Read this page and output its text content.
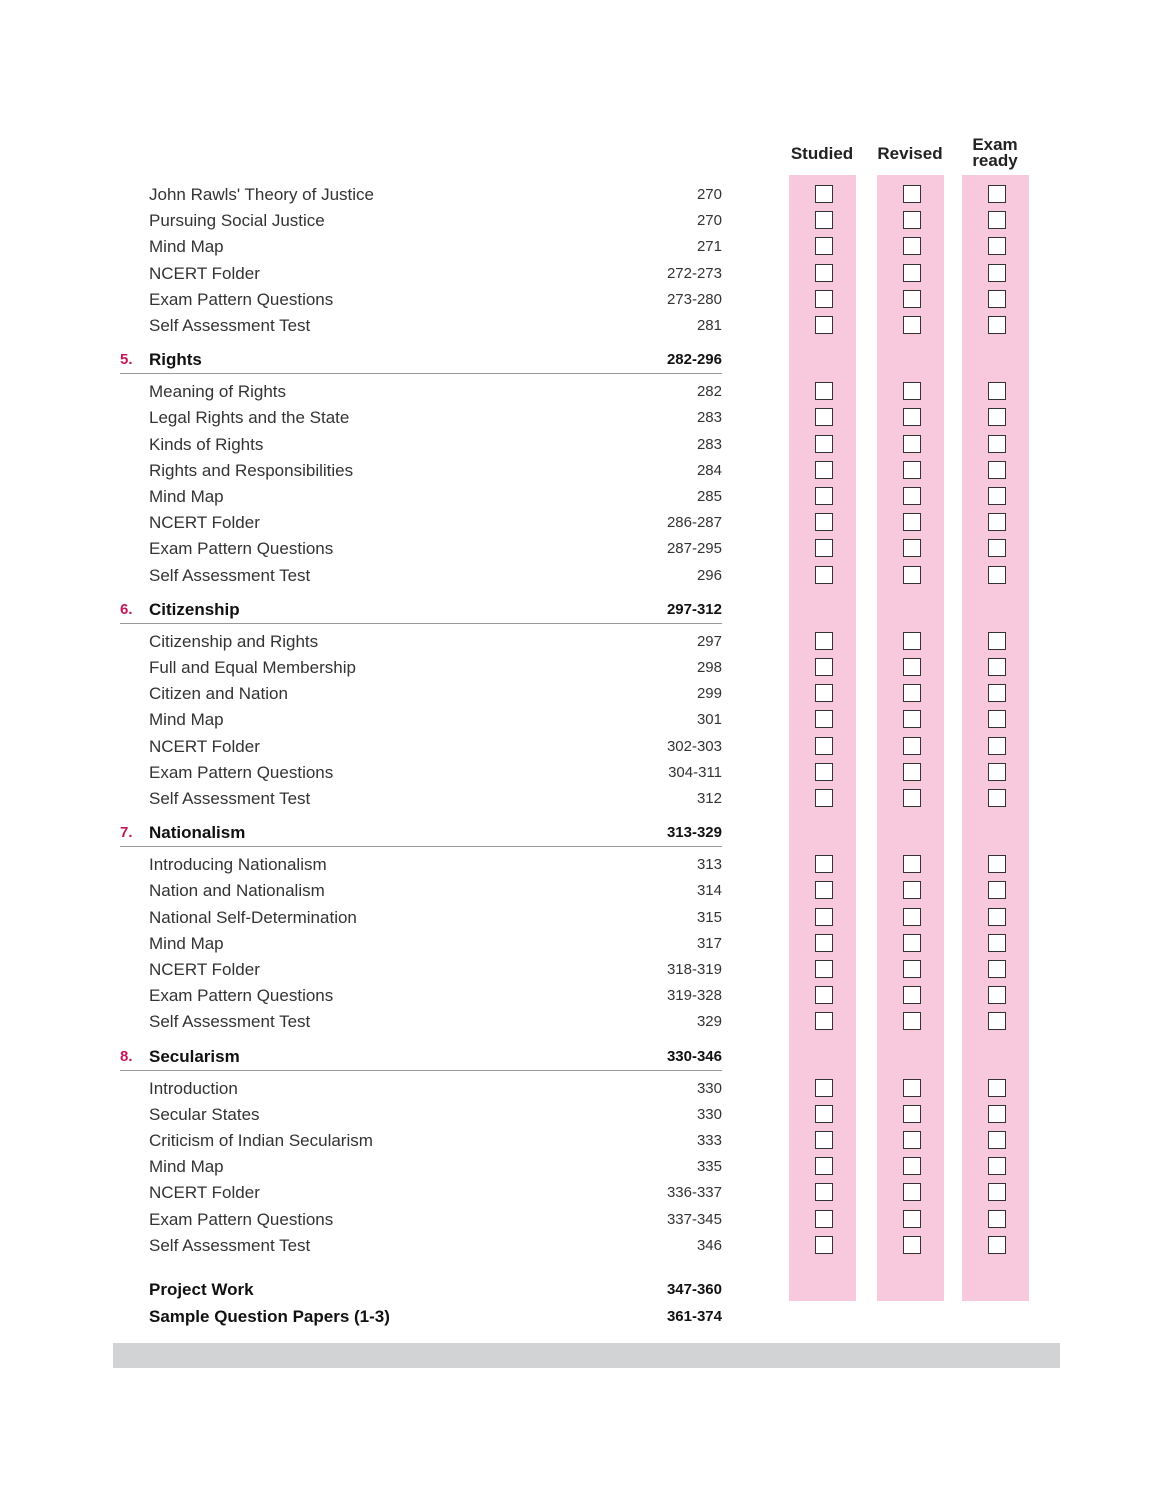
Studied	Revised	Exam
ready
John Rawls' Theory of Justice	270
Pursuing Social Justice	270
Mind Map	271
NCERT Folder	272-273
Exam Pattern Questions	273-280
Self Assessment Test	281
5. Rights	282-296
Meaning of Rights	282
Legal Rights and the State	283
Kinds of Rights	283
Rights and Responsibilities	284
Mind Map	285
NCERT Folder	286-287
Exam Pattern Questions	287-295
Self Assessment Test	296
6. Citizenship	297-312
Citizenship and Rights	297
Full and Equal Membership	298
Citizen and Nation	299
Mind Map	301
NCERT Folder	302-303
Exam Pattern Questions	304-311
Self Assessment Test	312
7. Nationalism	313-329
Introducing Nationalism	313
Nation and Nationalism	314
National Self-Determination	315
Mind Map	317
NCERT Folder	318-319
Exam Pattern Questions	319-328
Self Assessment Test	329
8. Secularism	330-346
Introduction	330
Secular States	330
Criticism of Indian Secularism	333
Mind Map	335
NCERT Folder	336-337
Exam Pattern Questions	337-345
Self Assessment Test	346
Project Work	347-360
Sample Question Papers (1-3)	361-374
